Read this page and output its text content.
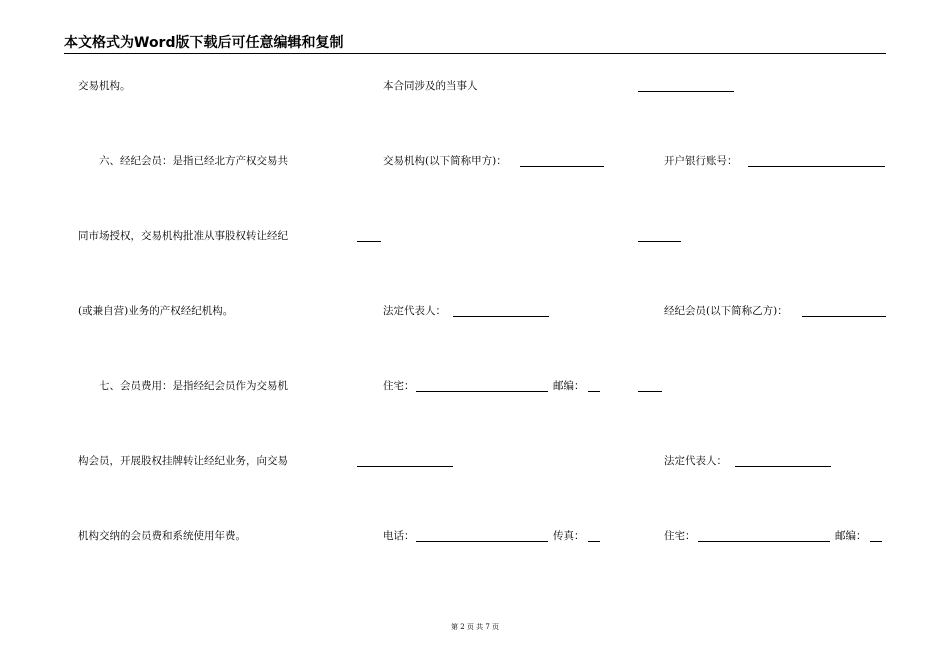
本文格式为Word版下载后可任意编辑和复制
交易机构。
六、经纪会员：是指已经北方产权交易共
同市场授权，交易机构批准从事股权转让经纪
(或兼自营)业务的产权经纪机构。
七、会员费用：是指经纪会员作为交易机
构会员，开展股权挂牌转让经纪业务，向交易
机构交纳的会员费和系统使用年费。
本合同涉及的当事人
交易机构(以下简称甲方)：
法定代表人：
住宅：	邮编：
电话：	传真：
开户银行账号：
经纪会员(以下简称乙方)：
法定代表人：
住宅：	邮编：
第 2 页 共 7 页
